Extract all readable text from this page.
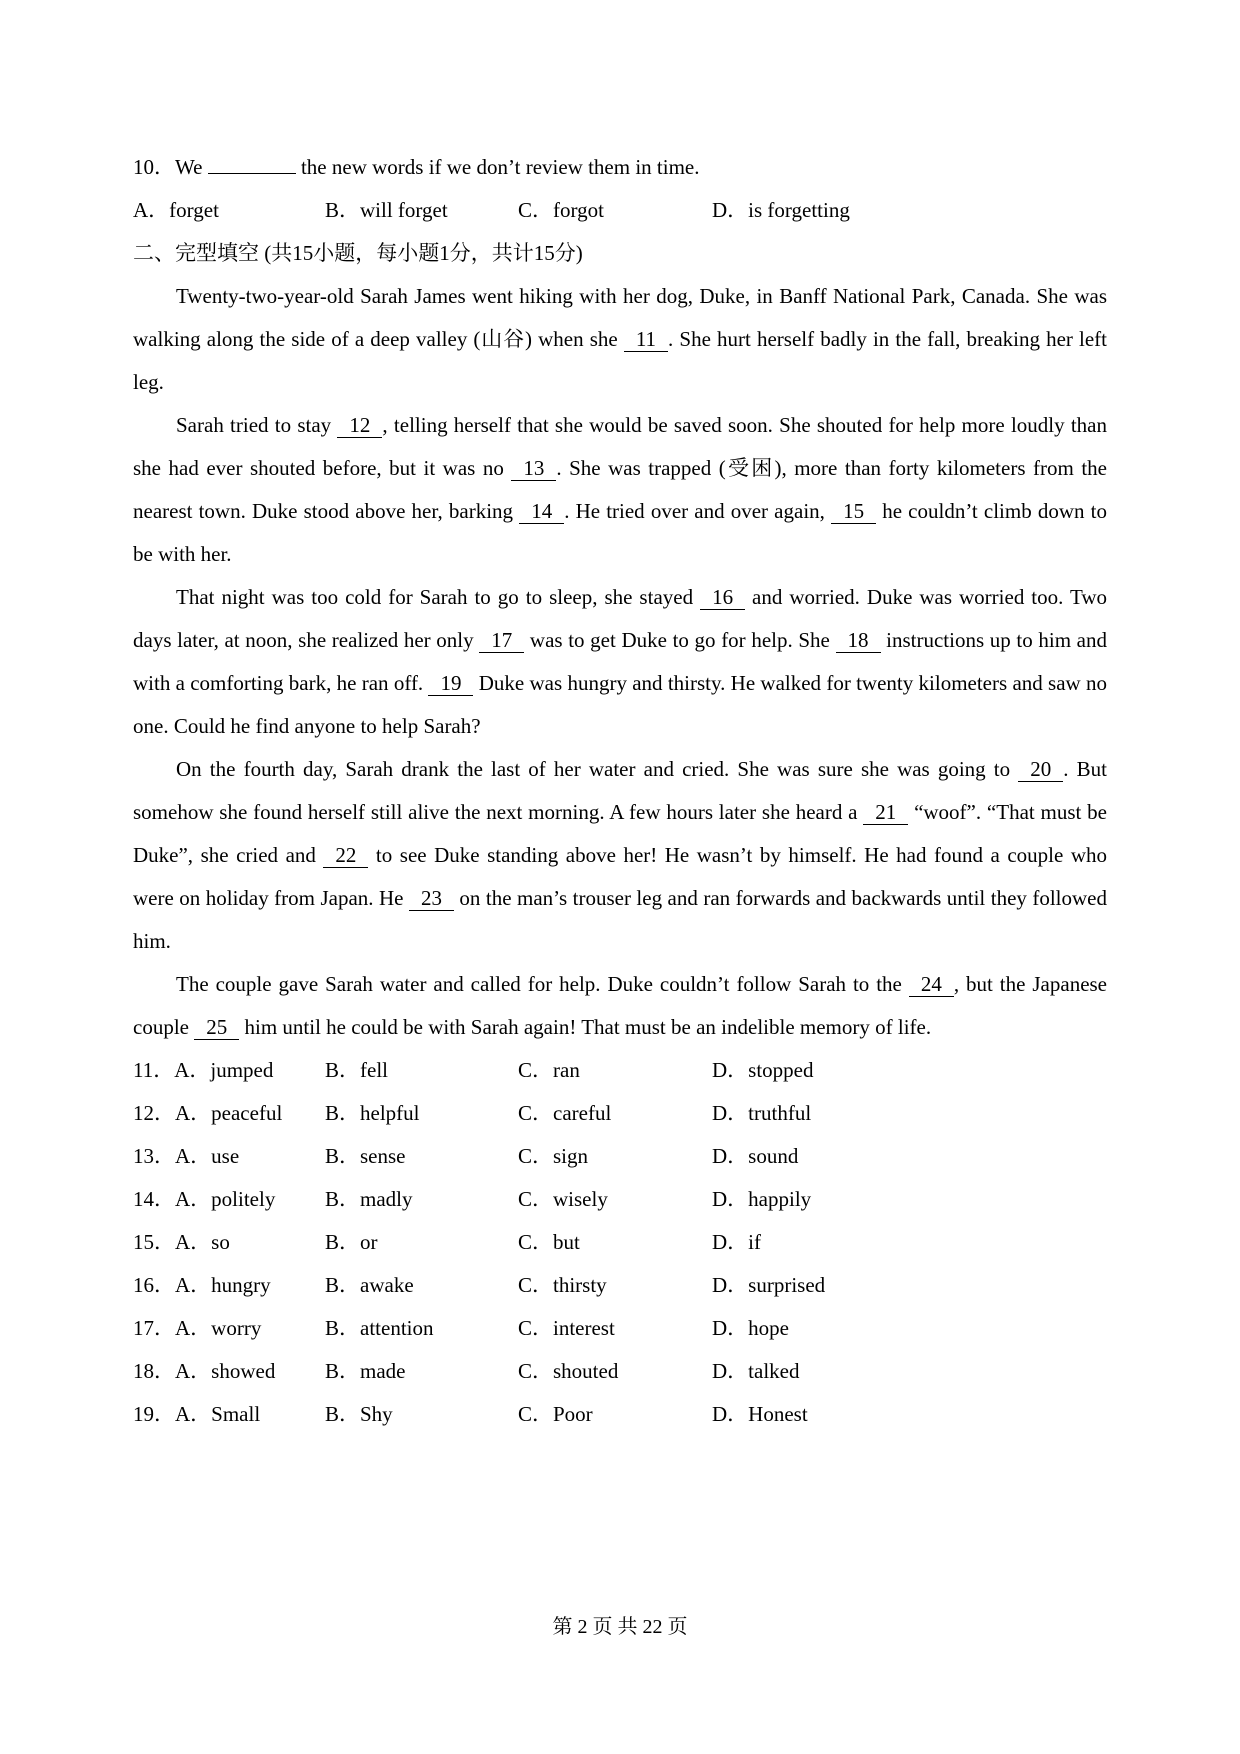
10．We	the new words if we don’t review them in time.

A．forget	B．will forget	C．forgot	D．is forgetting

二、完型填空 (共15小题，每小题1分，共计15分)

Twenty-two-year-old Sarah James went hiking with her dog, Duke, in Banff National Park, Canada. She was walking along the side of a deep valley (山谷) when she 11 . She hurt herself badly in the fall, breaking her left leg.

Sarah tried to stay 12 , telling herself that she would be saved soon. She shouted for help more loudly than she had ever shouted before, but it was no 13 . She was trapped (受困), more than forty kilometers from the nearest town. Duke stood above her, barking 14 . He tried over and over again, 15 he couldn’t climb down to be with her.

That night was too cold for Sarah to go to sleep, she stayed 16 and worried. Duke was worried too. Two days later, at noon, she realized her only 17 was to get Duke to go for help. She 18 instructions up to him and with a comforting bark, he ran off. 19 Duke was hungry and thirsty. He walked for twenty kilometers and saw no one. Could he find anyone to help Sarah?

On the fourth day, Sarah drank the last of her water and cried. She was sure she was going to 20 . But somehow she found herself still alive the next morning. A few hours later she heard a 21 “woof”. “That must be Duke”, she cried and 22 to see Duke standing above her! He wasn’t by himself. He had found a couple who were on holiday from Japan. He 23 on the man’s trouser leg and ran forwards and backwards until they followed him.

The couple gave Sarah water and called for help. Duke couldn’t follow Sarah to the 24 , but the Japanese couple 25 him until he could be with Sarah again! That must be an indelible memory of life.

11．A．jumped	B．fell	C．ran	D．stopped
12．A．peaceful	B．helpful	C．careful	D．truthful
13．A．use	B．sense	C．sign	D．sound
14．A．politely	B．madly	C．wisely	D．happily
15．A．so	B．or	C．but	D．if
16．A．hungry	B．awake	C．thirsty	D．surprised
17．A．worry	B．attention	C．interest	D．hope
18．A．showed	B．made	C．shouted	D．talked
19．A．Small	B．Shy	C．Poor	D．Honest
第 2 页 共 22 页
